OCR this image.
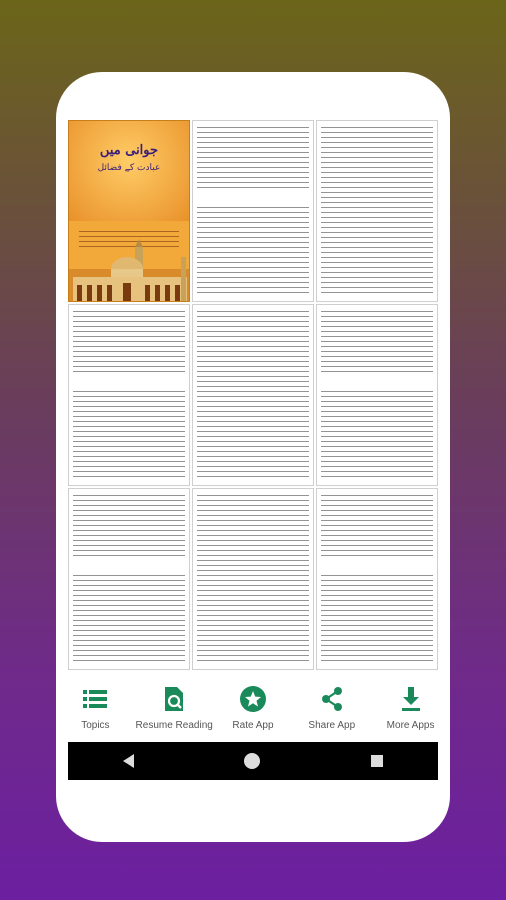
جوانی میں
عبادت کے فضائل
Topics	Resume Reading Rate App	Share App	More Apps
